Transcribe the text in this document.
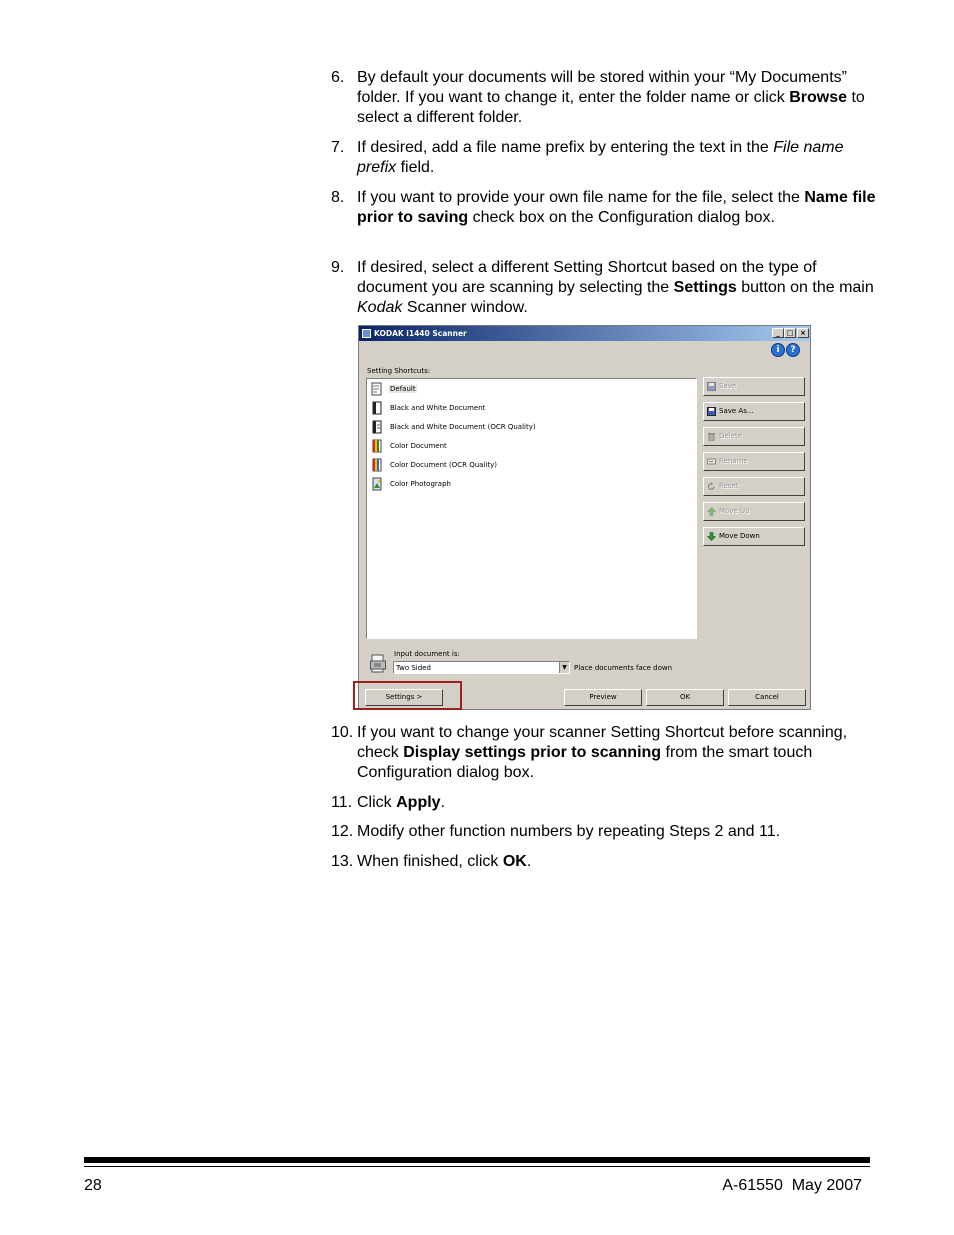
6. By default your documents will be stored within your “My Documents” folder. If you want to change it, enter the folder name or click Browse to select a different folder.
7. If desired, add a file name prefix by entering the text in the File name prefix field.
8. If you want to provide your own file name for the file, select the Name file prior to saving check box on the Configuration dialog box.
9. If desired, select a different Setting Shortcut based on the type of document you are scanning by selecting the Settings button on the main Kodak Scanner window.
KODAK i1440 Scanner	_ □ ×
i	?
Setting Shortcuts:
Default
Black and White Document
Black and White Document (OCR Quality)
Color Document
Color Document (OCR Quality)
Color Photograph
Save
Save As...
Delete
Rename
Reset
Move Up
Move Down
Input document is:
Two Sided	▼	Place documents face down
Settings >	Preview	OK	Cancel
10. If you want to change your scanner Setting Shortcut before scanning, check Display settings prior to scanning from the smart touch Configuration dialog box.
11. Click Apply.
12. Modify other function numbers by repeating Steps 2 and 11.
13. When finished, click OK.
28	A-61550  May 2007
